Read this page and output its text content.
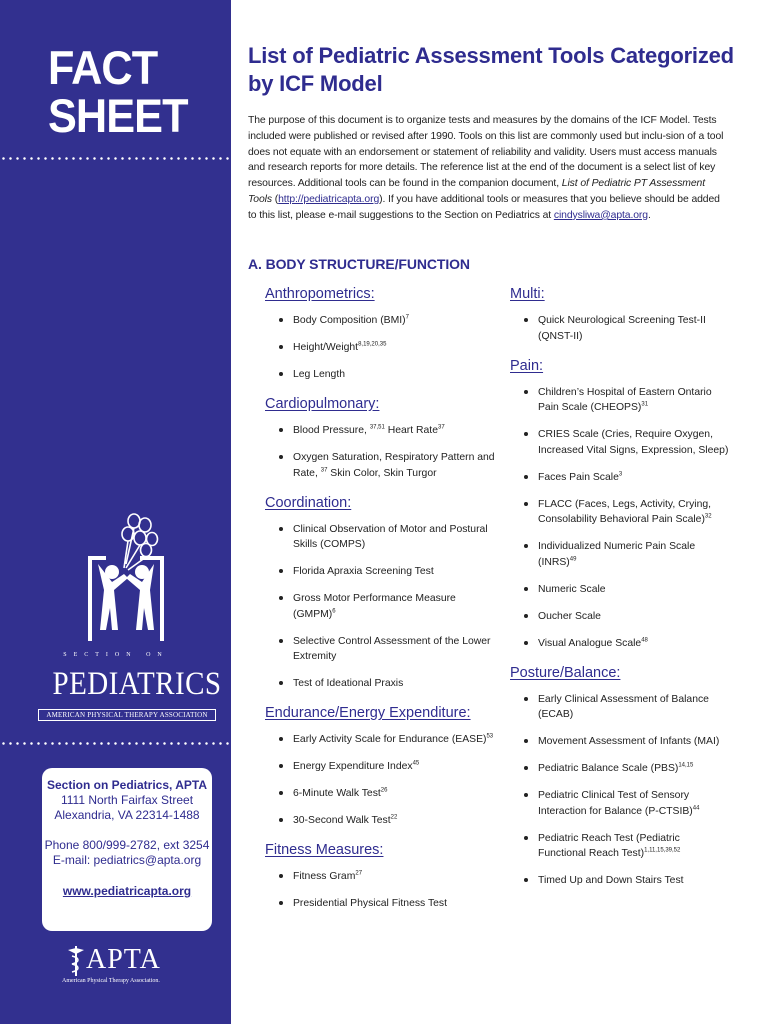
FACT
SHEET
SECTION ON
PEDIATRICS
AMERICAN PHYSICAL THERAPY ASSOCIATION
Section on Pediatrics, APTA
1111 North Fairfax Street
Alexandria, VA 22314-1488
Phone 800/999-2782, ext 3254
E-mail: pediatrics@apta.org
www.pediatricapta.org
APTA
American Physical Therapy Association.
List of Pediatric Assessment Tools Categorized by ICF Model
The purpose of this document is to organize tests and measures by the domains of the ICF Model. Tests included were published or revised after 1990. Tools on this list are commonly used but inclu-sion of a tool does not equate with an endorsement or statement of reliability and validity. Users must access manuals and research reports for more details. The reference list at the end of the document is a select list of key resources. Additional tools can be found in the companion document, List of Pediatric PT Assessment Tools (http://pediatricapta.org). If you have additional tools or measures that you believe should be added to this list, please e-mail suggestions to the Section on Pediatrics at cindysliwa@apta.org.
A. BODY STRUCTURE/FUNCTION
Anthropometrics:
Body Composition (BMI)$^7$
Height/Weight$^{8,19,20,35}$
Leg Length
Cardiopulmonary:
Blood Pressure, $^{37,51}$ Heart Rate$^{37}$
Oxygen Saturation, Respiratory Pattern and Rate, $^{37}$ Skin Color, Skin Turgor
Coordination:
Clinical Observation of Motor and Postural Skills (COMPS)
Florida Apraxia Screening Test
Gross Motor Performance Measure (GMPM)$^6$
Selective Control Assessment of the Lower Extremity
Test of Ideational Praxis
Endurance/Energy Expenditure:
Early Activity Scale for Endurance (EASE)$^{53}$
Energy Expenditure Index$^{45}$
6-Minute Walk Test$^{26}$
30-Second Walk Test$^{22}$
Fitness Measures:
Fitness Gram$^{27}$
Presidential Physical Fitness Test
Multi:
Quick Neurological Screening Test-II (QNST-II)
Pain:
Children’s Hospital of Eastern Ontario Pain Scale (CHEOPS)$^{31}$
CRIES Scale (Cries, Require Oxygen, Increased Vital Signs, Expression, Sleep)
Faces Pain Scale$^3$
FLACC (Faces, Legs, Activity, Crying, Consolability Behavioral Pain Scale)$^{32}$
Individualized Numeric Pain Scale (INRS)$^{49}$
Numeric Scale
Oucher Scale
Visual Analogue Scale$^{48}$
Posture/Balance:
Early Clinical Assessment of Balance (ECAB)
Movement Assessment of Infants (MAI)
Pediatric Balance Scale (PBS)$^{14,15}$
Pediatric Clinical Test of Sensory Interaction for Balance (P-CTSIB)$^{44}$
Pediatric Reach Test (Pediatric Functional Reach Test)$^{1,11,15,39,52}$
Timed Up and Down Stairs Test
